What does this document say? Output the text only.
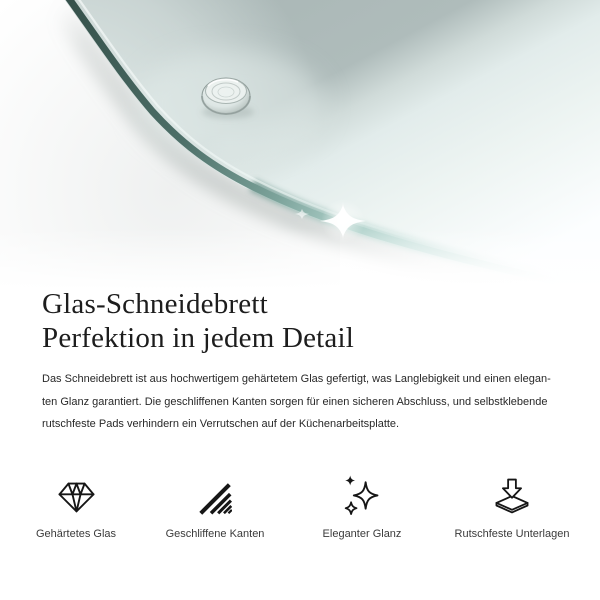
Glas-Schneidebrett
Perfektion in jedem Detail
Das Schneidebrett ist aus hochwertigem gehärtetem Glas gefertigt, was Langlebigkeit und einen elegan-
ten Glanz garantiert. Die geschliffenen Kanten sorgen für einen sicheren Abschluss, und selbstklebende
rutschfeste Pads verhindern ein Verrutschen auf der Küchenarbeitsplatte.
Gehärtetes Glas	Geschliffene Kanten	Eleganter Glanz	Rutschfeste Unterlagen
